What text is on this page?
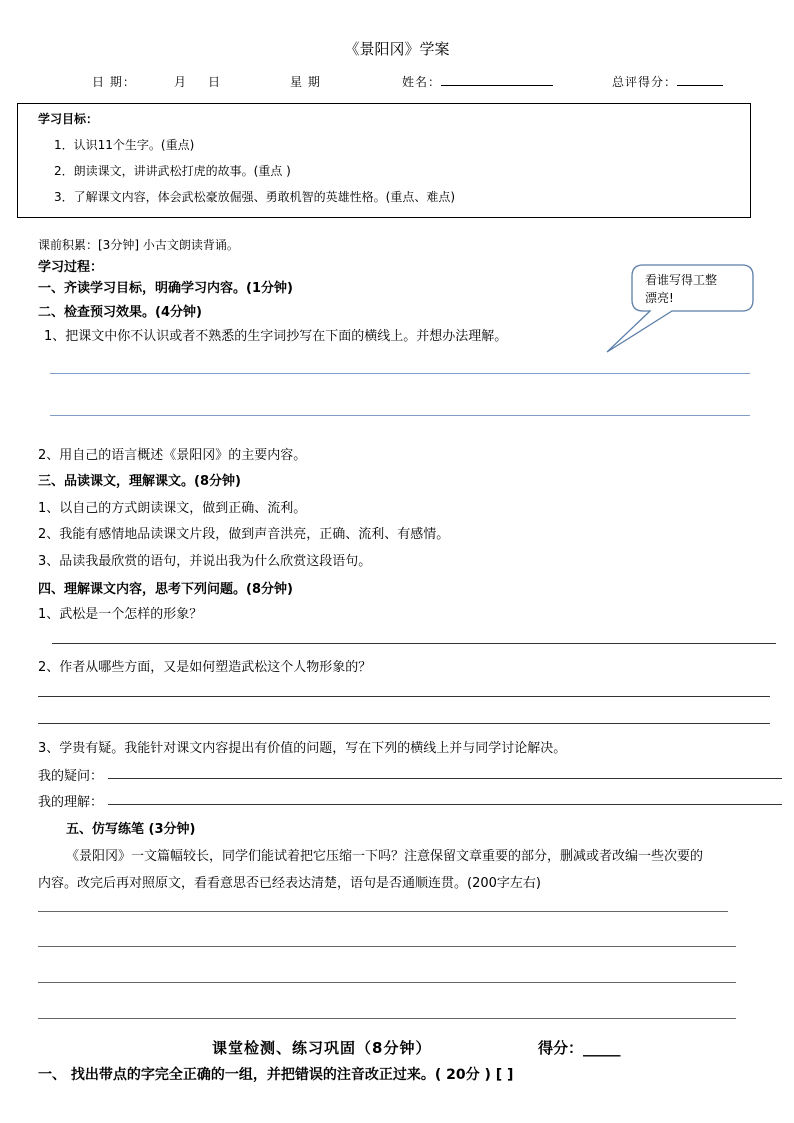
《景阳冈》学案
日 期：	月 日	星 期	姓名：	总评得分：
学习目标：
1．认识11个生字。(重点)
2．朗读课文，讲讲武松打虎的故事。(重点 )
3．了解课文内容，体会武松豪放倔强、勇敢机智的英雄性格。(重点、难点)
课前积累：[3分钟] 小古文朗读背诵。
学习过程：
看谁写得工整
漂亮!
一、齐读学习目标，明确学习内容。(1分钟)
二、检查预习效果。(4分钟)
1、把课文中你不认识或者不熟悉的生字词抄写在下面的横线上。并想办法理解。
2、用自己的语言概述《景阳冈》的主要内容。
三、品读课文，理解课文。(8分钟)
1、以自己的方式朗读课文，做到正确、流利。
2、我能有感情地品读课文片段，做到声音洪亮，正确、流利、有感情。
3、品读我最欣赏的语句，并说出我为什么欣赏这段语句。
四、理解课文内容，思考下列问题。(8分钟)
1、武松是一个怎样的形象？
2、作者从哪些方面，又是如何塑造武松这个人物形象的？
3、学贵有疑。我能针对课文内容提出有价值的问题，写在下列的横线上并与同学讨论解决。
我的疑问：
我的理解：
五、仿写练笔 (3分钟)
《景阳冈》一文篇幅较长，同学们能试着把它压缩一下吗？注意保留文章重要的部分，删减或者改编一些次要的
内容。改完后再对照原文，看看意思否已经表达清楚，语句是否通顺连贯。(200字左右)
课堂检测、练习巩固（8分钟）	得分：_____
一、 找出带点的字完全正确的一组，并把错误的注音改正过来。( 20分 ) [ ]
